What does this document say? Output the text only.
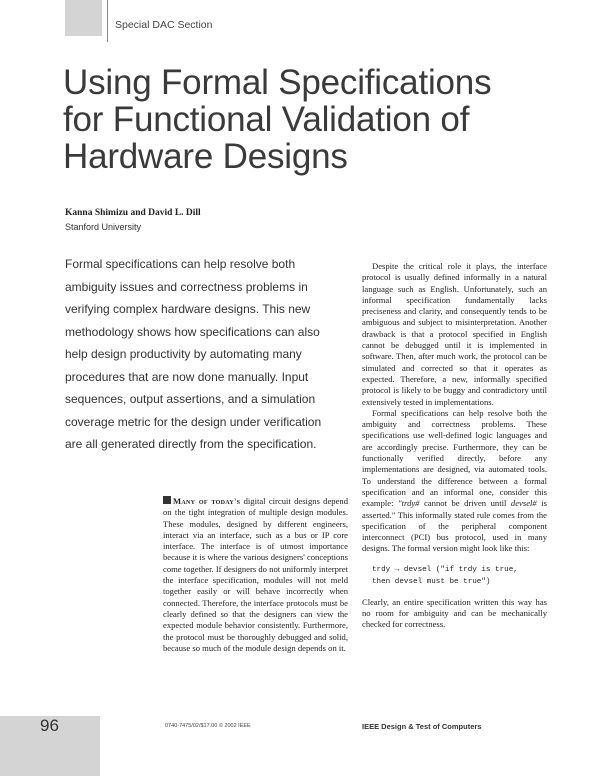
Special DAC Section
Using Formal Specifications
for Functional Validation of
Hardware Designs
Kanna Shimizu and David L. Dill
Stanford University

Formal specifications can help resolve both ambiguity issues and correctness problems in verifying complex hardware designs. This new methodology shows how specifications can also help design productivity by automating many procedures that are now done manually. Input sequences, output assertions, and a simulation coverage metric for the design under verification are all generated directly from the specification.

Many of today's digital circuit designs depend on the tight integration of multiple design modules. These modules, designed by different engineers, interact via an interface, such as a bus or IP core interface. The interface is of utmost importance because it is where the various designers' conceptions come together. If designers do not uniformly interpret the interface specification, modules will not meld together easily or will behave incorrectly when connected. Therefore, the interface protocols must be clearly defined so that the designers can view the expected module behavior consistently. Furthermore, the protocol must be thoroughly debugged and solid, because so much of the module design depends on it.

Despite the critical role it plays, the interface protocol is usually defined informally in a natural language such as English. Unfortunately, such an informal specification fundamentally lacks preciseness and clarity, and consequently tends to be ambiguous and subject to misinterpretation. Another drawback is that a protocol specified in English cannot be debugged until it is implemented in software. Then, after much work, the protocol can be simulated and corrected so that it operates as expected. Therefore, a new, informally specified protocol is likely to be buggy and contradictory until extensively tested in implementations.

Formal specifications can help resolve both the ambiguity and correctness problems. These specifications use well-defined logic languages and are accordingly precise. Furthermore, they can be functionally verified directly, before any implementations are designed, via automated tools. To understand the difference between a formal specification and an informal one, consider this example: "trdy# cannot be driven until devsel# is asserted." This informally stated rule comes from the specification of the peripheral component interconnect (PCI) bus protocol, used in many designs. The formal version might look like this:

trdy → devsel ("if trdy is true,
then devsel must be true")

Clearly, an entire specification written this way has no room for ambiguity and can be mechanically checked for correctness.

96	0740-7475/02/$17.00 © 2002 IEEE	IEEE Design & Test of Computers
